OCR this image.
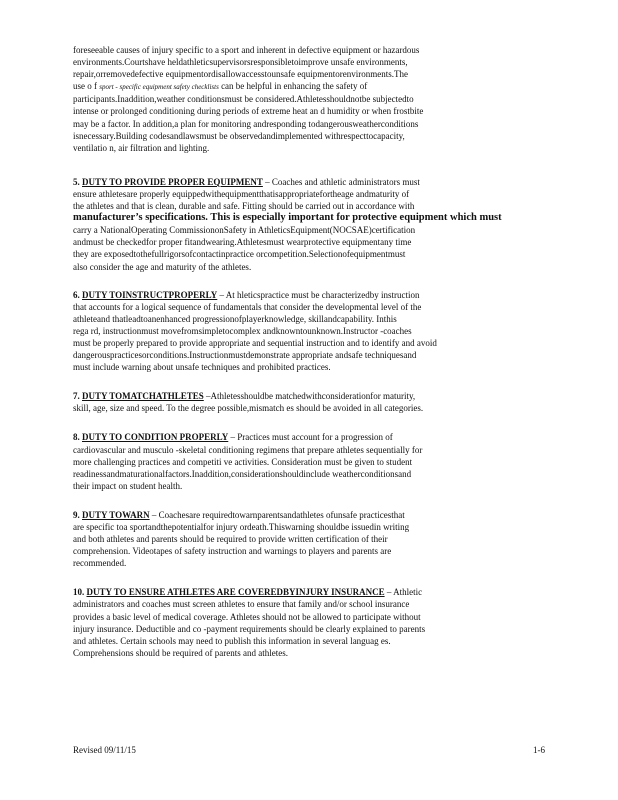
foreseeable causes of injury specific to a sport and inherent in defective equipment or hazardous

environments.Courtshave heldathleticsupervisorsresponsibletoimprove unsafe environments,

repair,orremovedefective equipmentordisallowaccesstounsafe equipmentorenvironments.The

use o f sport - specific equipment safety checklists can be helpful in enhancing the safety of

participants.Inaddition,weather conditionsmust be considered.Athletesshouldnotbe subjectedto

intense or prolonged conditioning during periods of extreme heat an d humidity or when frostbite

may be a factor. In addition,a plan for monitoring andresponding todangerousweatherconditions

isnecessary.Building codesandlawsmust be observedandimplemented withrespecttocapacity,

ventilatio n, air filtration and lighting.

5. DUTY TO PROVIDE PROPER EQUIPMENT – Coaches and athletic administrators must

ensure athletesare properly equippedwithequipmentthatisappropriatefortheage andmaturity of

the athletes and that is clean, durable and safe. Fitting should be carried out in accordance with

manufacturer’s specifications. This is especially important for protective equipment which must

carry a NationalOperating CommissiononSafety in AthleticsEquipment(NOCSAE)certification

andmust be checkedfor proper fitandwearing.Athletesmust wearprotective equipmentany time

they are exposedtothefullrigorsofcontactinpractice orcompetition.Selectionofequipmentmust

also consider the age and maturity of the athletes.

6. DUTY TOINSTRUCTPROPERLY – At hleticspractice must be characterizedby instruction

that accounts for a logical sequence of fundamentals that consider the developmental level of the

athleteand thatleadtoanenhanced progressionofplayerknowledge, skillandcapability. Inthis

rega rd, instructionmust movefromsimpletocomplex andknowntounknown.Instructor -coaches

must be properly prepared to provide appropriate and sequential instruction and to identify and avoid

dangerouspracticesorconditions.Instructionmustdemonstrate appropriate andsafe techniquesand

must include warning about unsafe techniques and prohibited practices.

7. DUTY TOMATCHATHLETES –Athletesshouldbe matchedwithconsiderationfor maturity,

skill, age, size and speed. To the degree possible,mismatch es should be avoided in all categories.

8. DUTY TO CONDITION PROPERLY – Practices must account for a progression of

cardiovascular and musculo -skeletal conditioning regimens that prepare athletes sequentially for

more challenging practices and competiti ve activities. Consideration must be given to student

readinessandmaturationalfactors.Inaddition,considerationshouldinclude weatherconditionsand

their impact on student health.

9. DUTY TOWARN – Coachesare requiredtowarnparentsandathletes ofunsafe practicesthat

are specific toa sportandthepotentialfor injury ordeath.Thiswarning shouldbe issuedin writing

and both athletes and parents should be required to provide written certification of their

comprehension. Videotapes of safety instruction and warnings to players and parents are

recommended.

10. DUTY TO ENSURE ATHLETES ARE COVEREDBYINJURY INSURANCE – Athletic

administrators and coaches must screen athletes to ensure that family and/or school insurance

provides a basic level of medical coverage. Athletes should not be allowed to participate without

injury insurance. Deductible and co -payment requirements should be clearly explained to parents

and athletes. Certain schools may need to publish this information in several languag es.

Comprehensions should be required of parents and athletes.

Revised 09/11/15	1-6
